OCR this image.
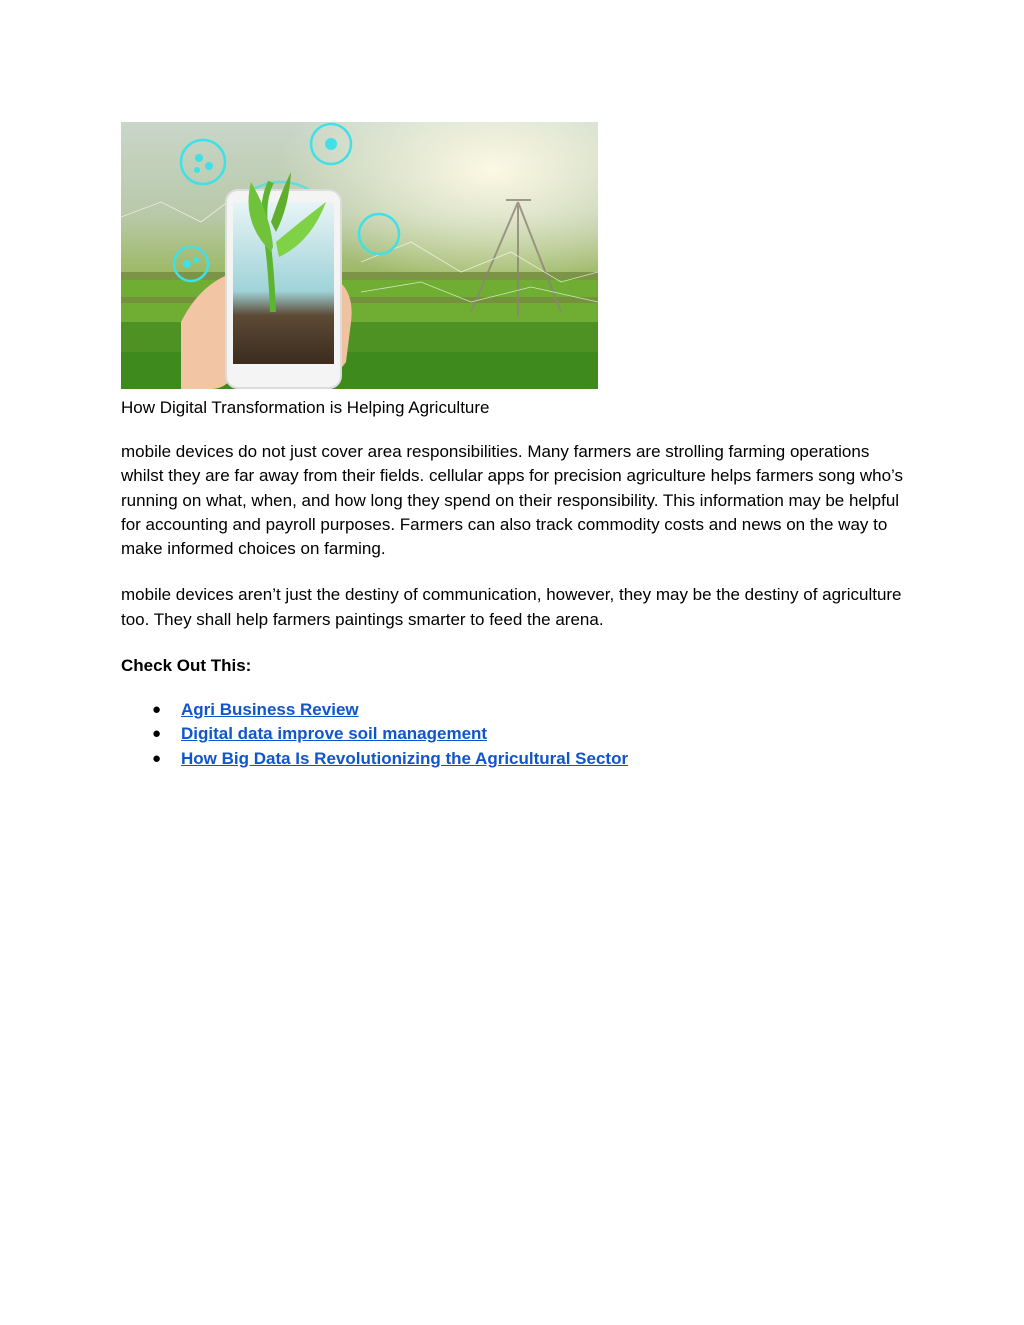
How Digital Transformation is Helping Agriculture

mobile devices do not just cover area responsibilities. Many farmers are strolling farming operations whilst they are far away from their fields. cellular apps for precision agriculture helps farmers song who’s running on what, when, and how long they spend on their responsibility. This information may be helpful for accounting and payroll purposes. Farmers can also track commodity costs and news on the way to make informed choices on farming.

mobile devices aren’t just the destiny of communication, however, they may be the destiny of agriculture too. They shall help farmers paintings smarter to feed the arena.

Check Out This:

● Agri Business Review
● Digital data improve soil management
● How Big Data Is Revolutionizing the Agricultural Sector
